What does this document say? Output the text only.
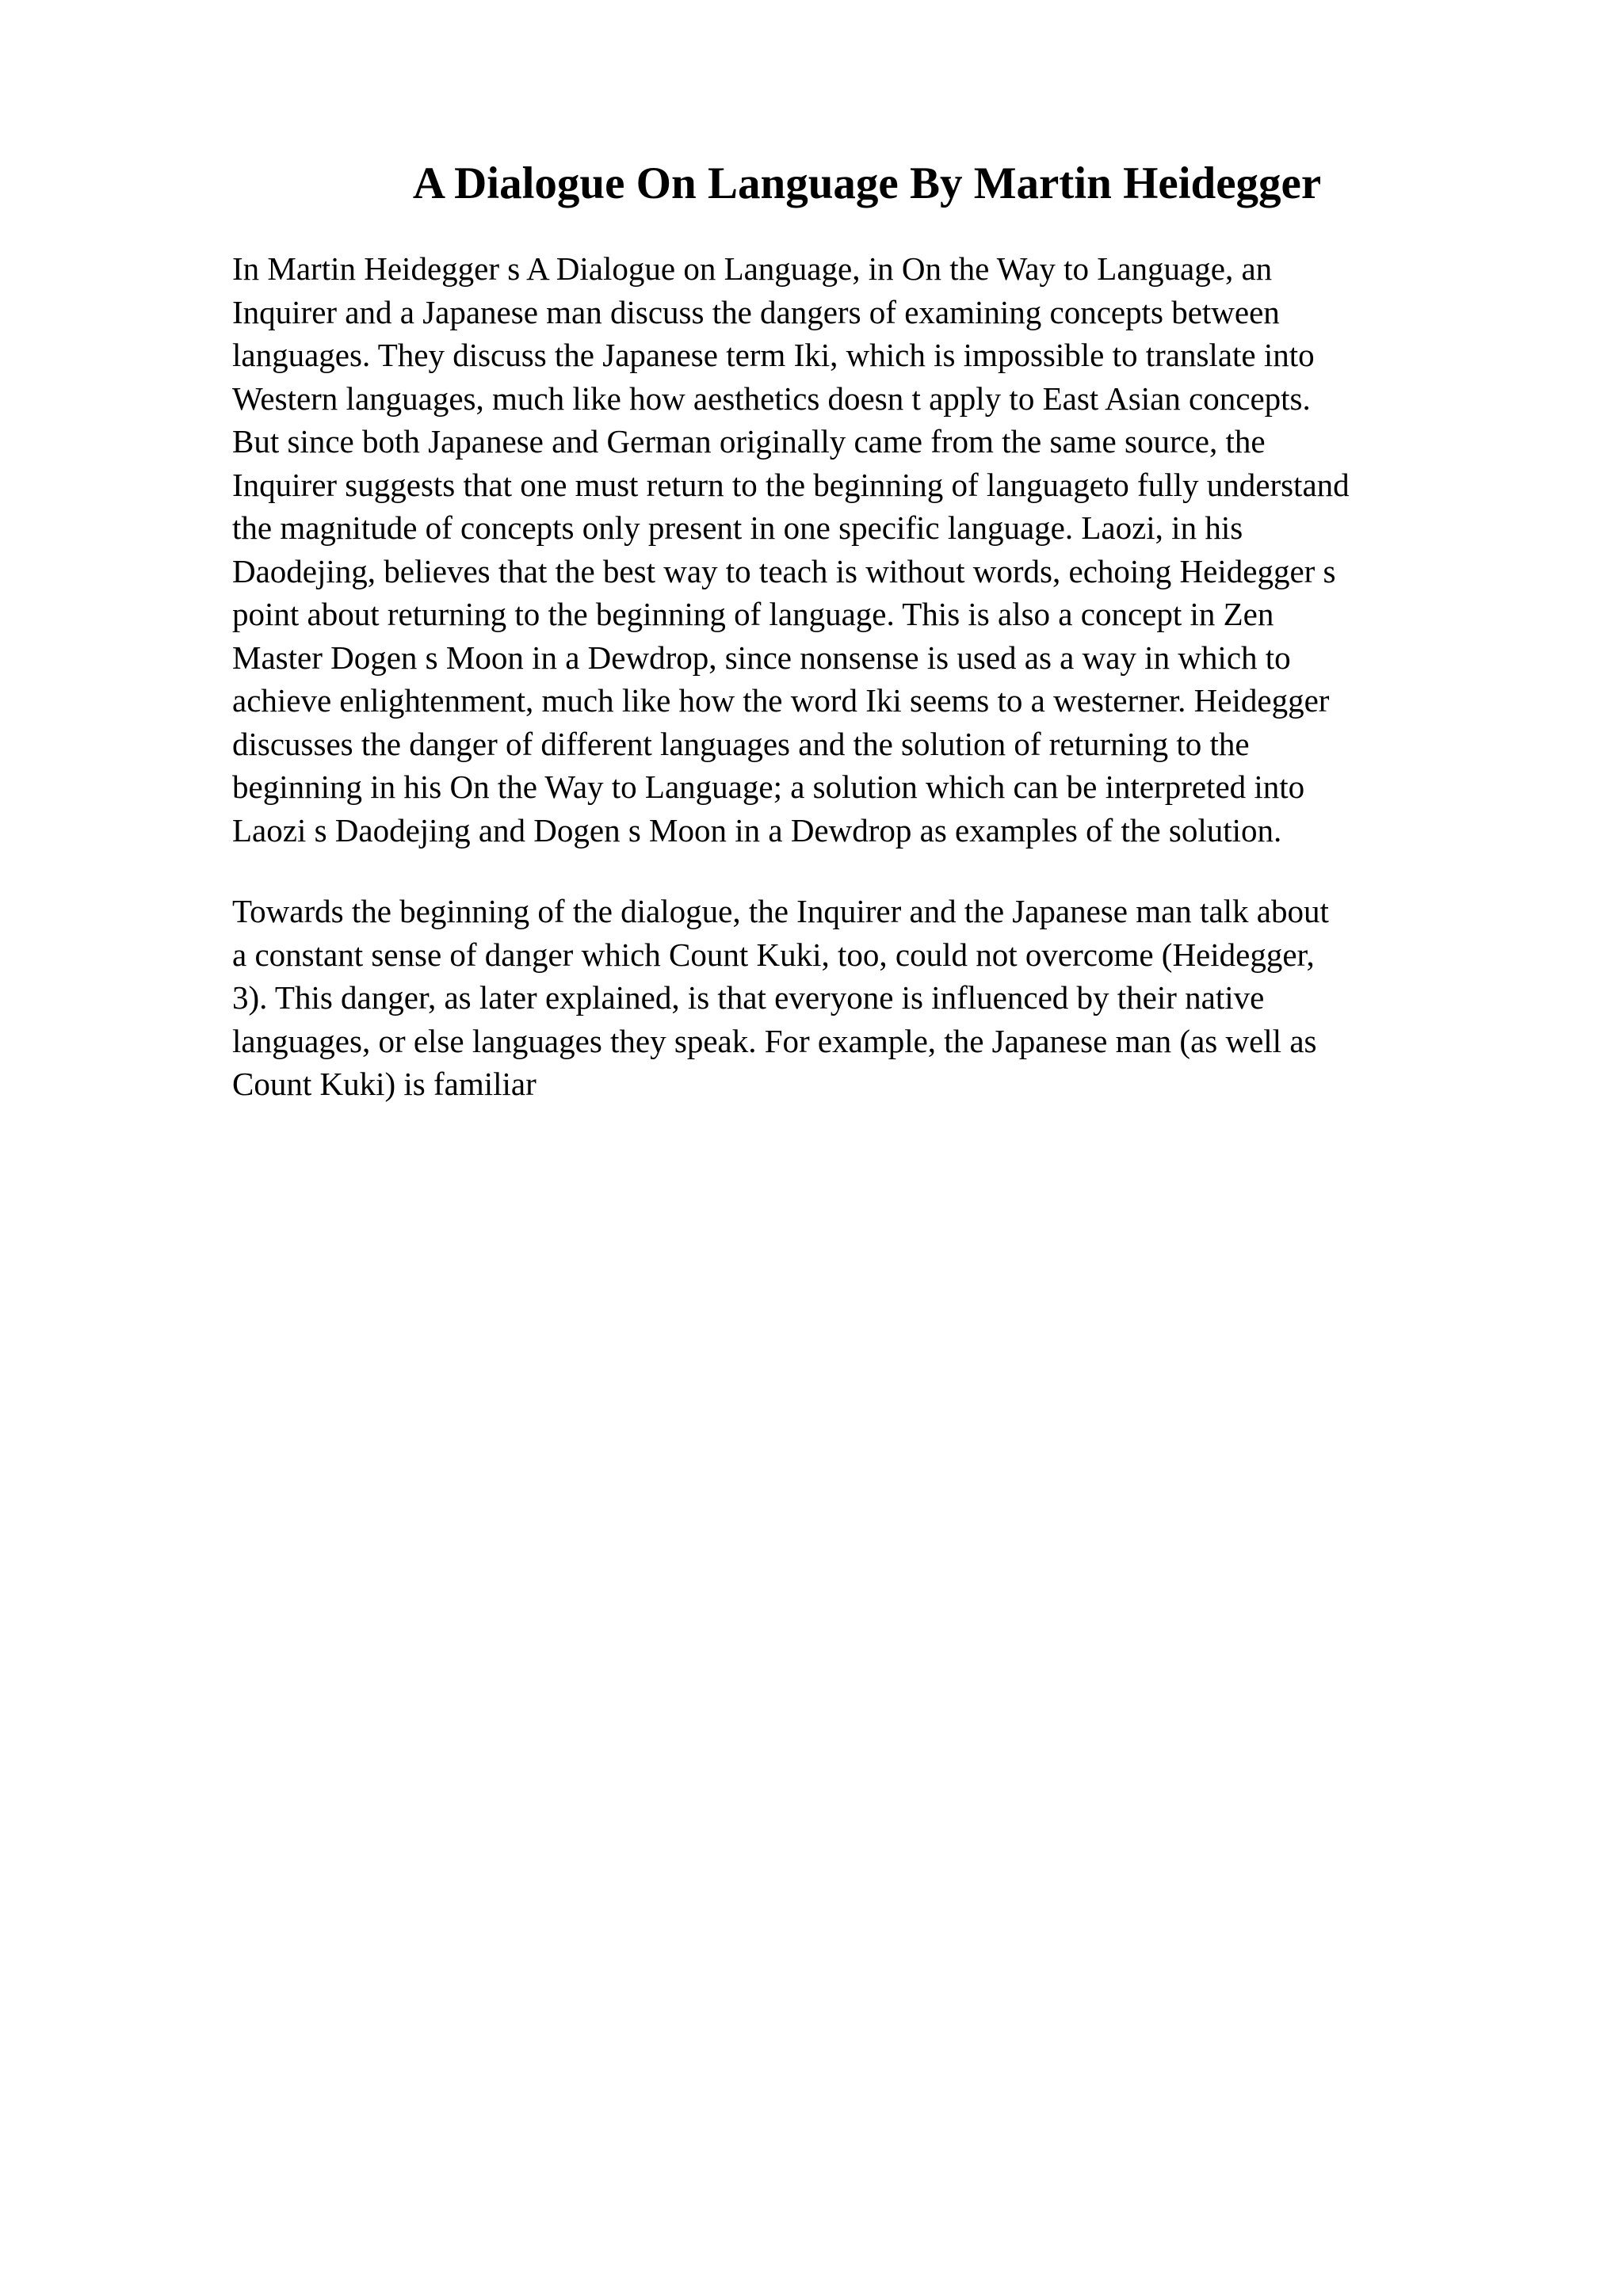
A Dialogue On Language By Martin Heidegger

In Martin Heidegger s A Dialogue on Language, in On the Way to Language, an
Inquirer and a Japanese man discuss the dangers of examining concepts between
languages. They discuss the Japanese term Iki, which is impossible to translate into
Western languages, much like how aesthetics doesn t apply to East Asian concepts.
But since both Japanese and German originally came from the same source, the
Inquirer suggests that one must return to the beginning of languageto fully understand
the magnitude of concepts only present in one specific language. Laozi, in his
Daodejing, believes that the best way to teach is without words, echoing Heidegger s
point about returning to the beginning of language. This is also a concept in Zen
Master Dogen s Moon in a Dewdrop, since nonsense is used as a way in which to
achieve enlightenment, much like how the word Iki seems to a westerner. Heidegger
discusses the danger of different languages and the solution of returning to the
beginning in his On the Way to Language; a solution which can be interpreted into
Laozi s Daodejing and Dogen s Moon in a Dewdrop as examples of the solution.

Towards the beginning of the dialogue, the Inquirer and the Japanese man talk about
a constant sense of danger which Count Kuki, too, could not overcome (Heidegger,
3). This danger, as later explained, is that everyone is influenced by their native
languages, or else languages they speak. For example, the Japanese man (as well as
Count Kuki) is familiar
